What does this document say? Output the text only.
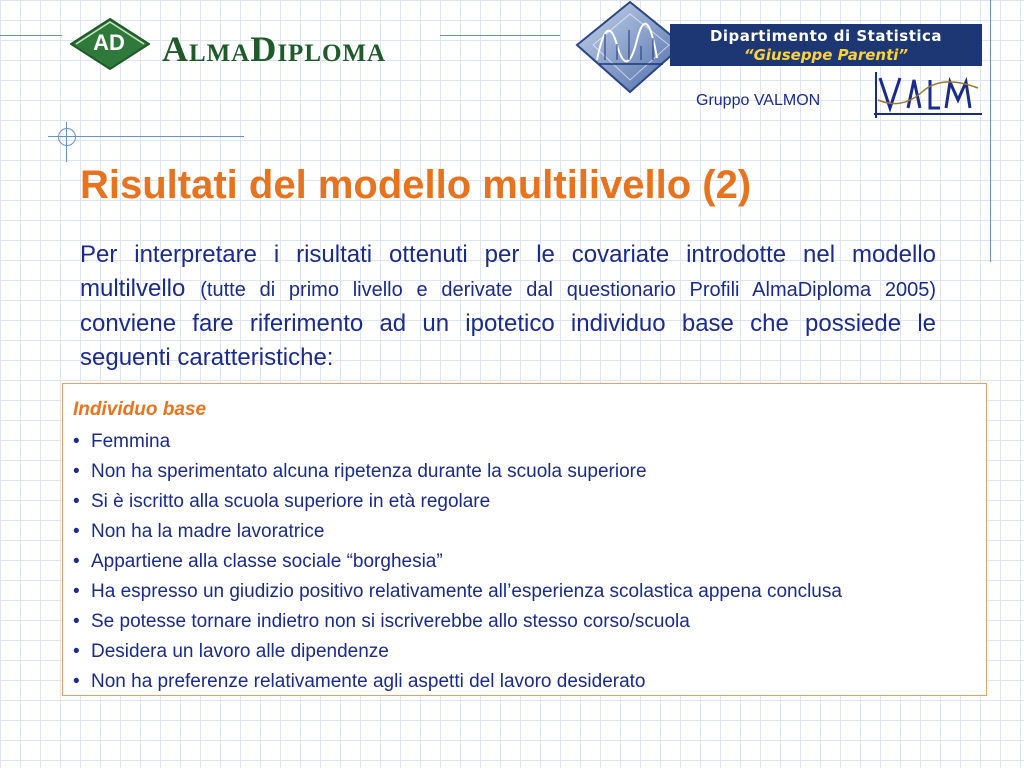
AD	AlmaDiploma	Dipartimento di Statistica
“Giuseppe Parenti”
Gruppo VALMON
Risultati del modello multilivello (2)
Per interpretare i risultati ottenuti per le covariate introdotte nel modello multilvello (tutte di primo livello e derivate dal questionario Profili AlmaDiploma 2005) conviene fare riferimento ad un ipotetico individuo base che possiede le seguenti caratteristiche:
Individuo base
• Femmina
• Non ha sperimentato alcuna ripetenza durante la scuola superiore
• Si è iscritto alla scuola superiore in età regolare
• Non ha la madre lavoratrice
• Appartiene alla classe sociale “borghesia”
• Ha espresso un giudizio positivo relativamente all’esperienza scolastica appena conclusa
• Se potesse tornare indietro non si iscriverebbe allo stesso corso/scuola
• Desidera un lavoro alle dipendenze
• Non ha preferenze relativamente agli aspetti del lavoro desiderato
